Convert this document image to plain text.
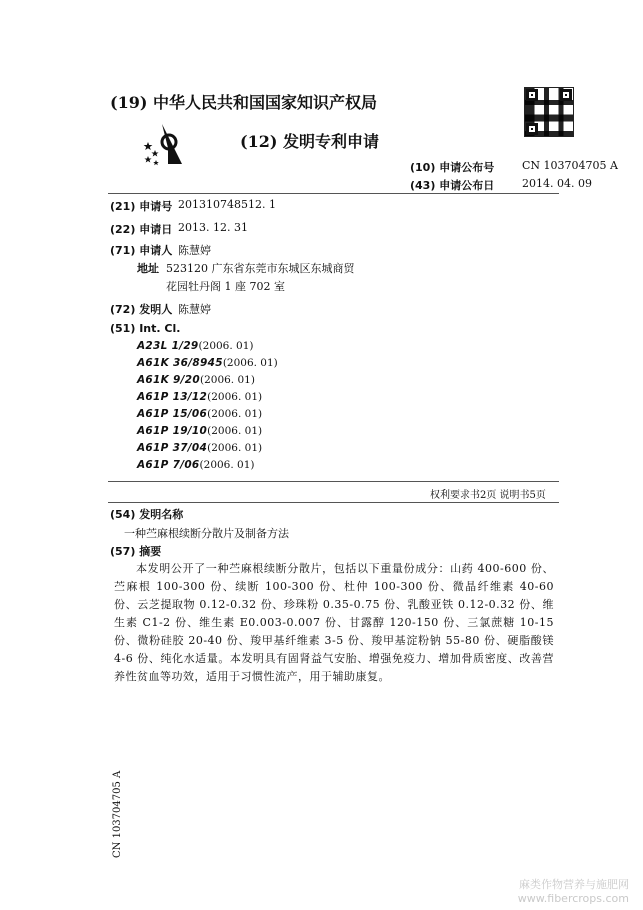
(19) 中华人民共和国国家知识产权局
(12) 发明专利申请
(10) 申请公布号	CN 103704705 A
(43) 申请公布日	2014. 04. 09
(21) 申请号 201310748512. 1
(22) 申请日 2013. 12. 31
(71) 申请人 陈慧婷
地址 523120 广东省东莞市东城区东城商贸
花园牡丹阁 1 座 702 室
(72) 发明人 陈慧婷
(51) Int. Cl.
A23L 1/29(2006. 01)
A61K 36/8945(2006. 01)
A61K 9/20(2006. 01)
A61P 13/12(2006. 01)
A61P 15/06(2006. 01)
A61P 19/10(2006. 01)
A61P 37/04(2006. 01)
A61P 7/06(2006. 01)
权利要求书2页 说明书5页
(54) 发明名称
一种苎麻根续断分散片及制备方法
(57) 摘要

本发明公开了一种苎麻根续断分散片，包括以下重量份成分：山药 400-600 份、苎麻根 100-300 份、续断 100-300 份、杜仲 100-300 份、微晶纤维素 40-60 份、云芝提取物 0.12-0.32 份、珍珠粉 0.35-0.75 份、乳酸亚铁 0.12-0.32 份、维生素 C1-2 份、维生素 E0.003-0.007 份、甘露醇 120-150 份、三氯蔗糖 10-15 份、微粉硅胶 20-40 份、羧甲基纤维素 3-5 份、羧甲基淀粉钠 55-80 份、硬脂酸镁 4-6 份、纯化水适量。本发明具有固肾益气安胎、增强免疫力、增加骨质密度、改善营养性贫血等功效，适用于习惯性流产，用于辅助康复。

CN 103704705 A
麻类作物营养与施肥网
www.fibercrops.com
